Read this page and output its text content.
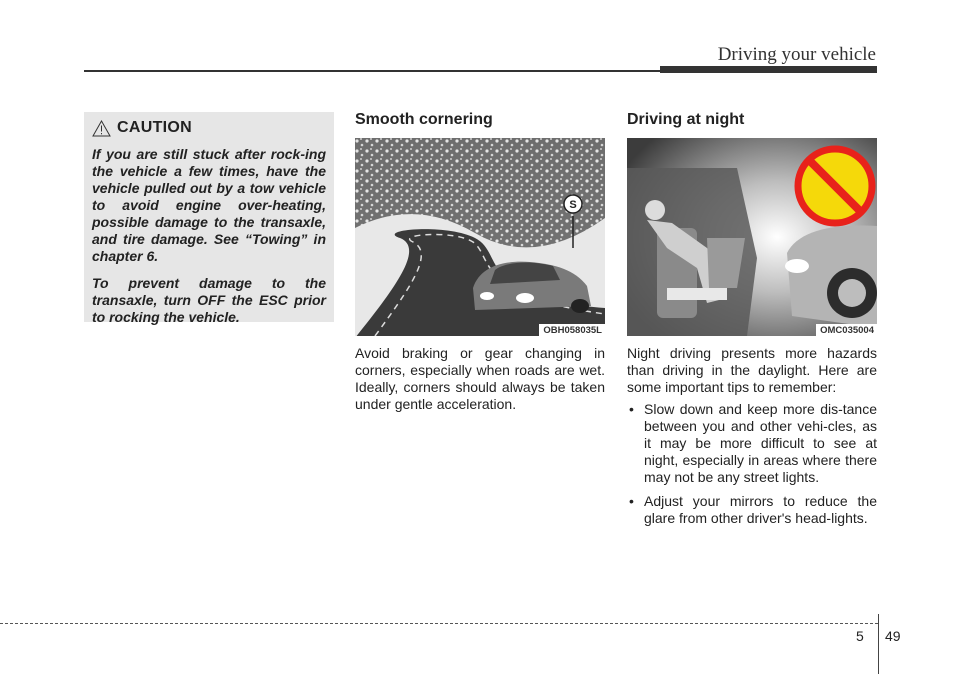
Driving your vehicle
CAUTION

If you are still stuck after rock-ing the vehicle a few times, have the vehicle pulled out by a tow vehicle to avoid engine over-heating, possible damage to the transaxle, and tire damage. See “Towing” in chapter 6.

To prevent damage to the transaxle, turn OFF the ESC prior to rocking the vehicle.

Smooth cornering
S
OBH058035L

Avoid braking or gear changing in corners, especially when roads are wet. Ideally, corners should always be taken under gentle acceleration.

Driving at night
OMC035004

Night driving presents more hazards than driving in the daylight. Here are some important tips to remember:

• Slow down and keep more dis-tance between you and other vehi-cles, as it may be more difficult to see at night, especially in areas where there may not be any street lights.
• Adjust your mirrors to reduce the glare from other driver's head-lights.
5 49
